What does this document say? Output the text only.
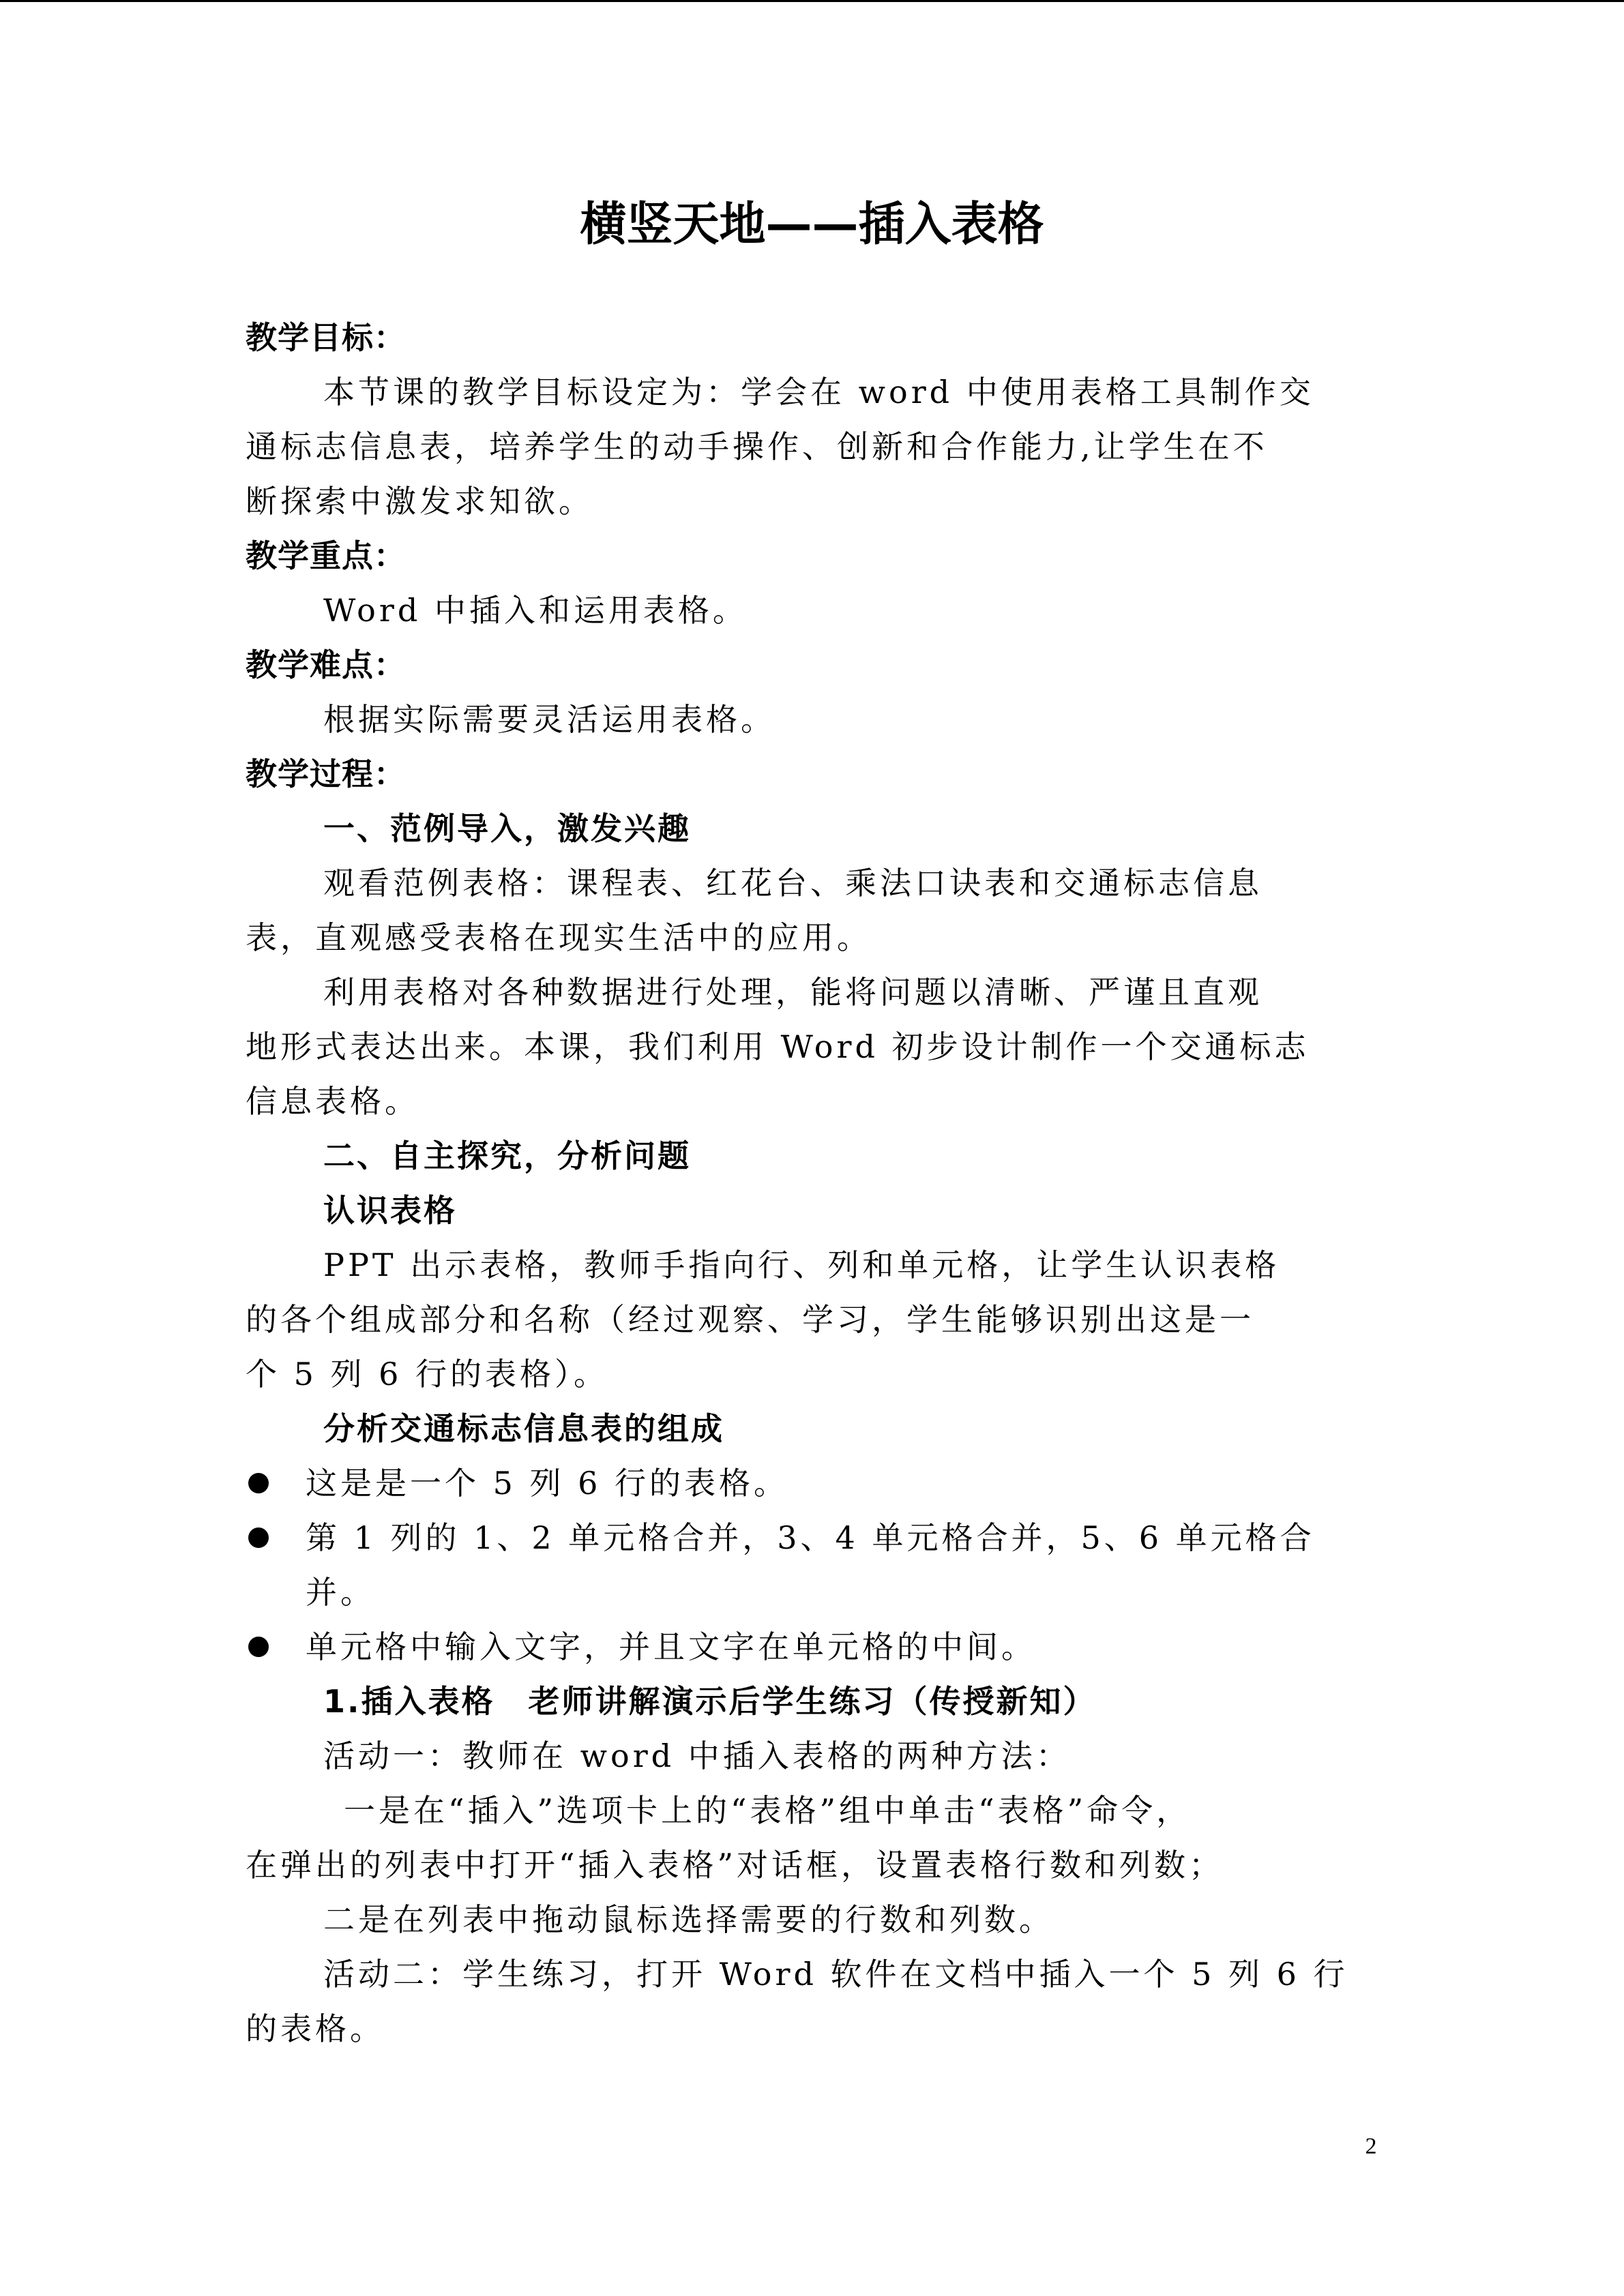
横竖天地——插入表格
教学目标：
本节课的教学目标设定为：学会在 word 中使用表格工具制作交
通标志信息表，培养学生的动手操作、创新和合作能力,让学生在不
断探索中激发求知欲。
教学重点：
Word 中插入和运用表格。
教学难点：
根据实际需要灵活运用表格。
教学过程：
一、范例导入，激发兴趣
观看范例表格：课程表、红花台、乘法口诀表和交通标志信息
表，直观感受表格在现实生活中的应用。
利用表格对各种数据进行处理，能将问题以清晰、严谨且直观
地形式表达出来。本课，我们利用 Word 初步设计制作一个交通标志
信息表格。
二、自主探究，分析问题
认识表格
PPT 出示表格，教师手指向行、列和单元格，让学生认识表格
的各个组成部分和名称（经过观察、学习，学生能够识别出这是一
个 5 列 6 行的表格）。
分析交通标志信息表的组成
这是是一个 5 列 6 行的表格。
第 1 列的 1、2 单元格合并，3、4 单元格合并，5、6 单元格合
并。
单元格中输入文字，并且文字在单元格的中间。
1.插入表格　老师讲解演示后学生练习（传授新知）
活动一：教师在 word 中插入表格的两种方法：
一是在“插入”选项卡上的“表格”组中单击“表格”命令，
在弹出的列表中打开“插入表格”对话框，设置表格行数和列数；
二是在列表中拖动鼠标选择需要的行数和列数。
活动二：学生练习，打开 Word 软件在文档中插入一个 5 列 6 行
的表格。
2
